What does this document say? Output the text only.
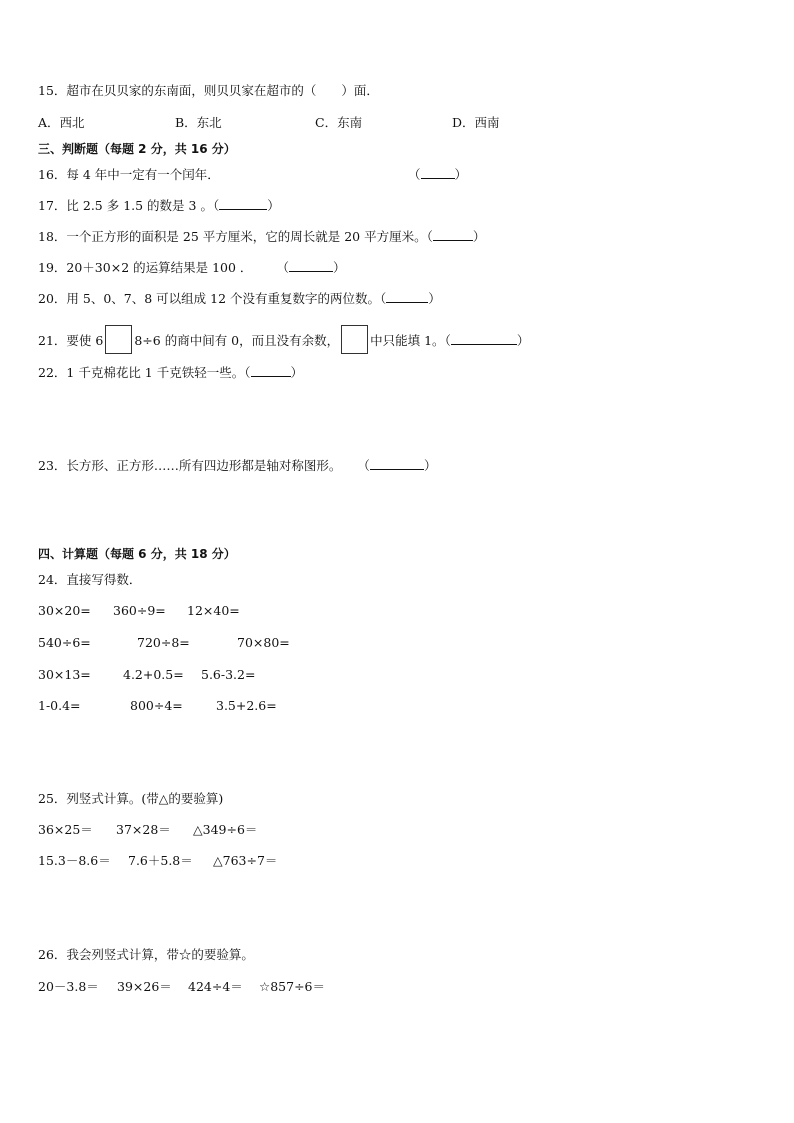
15．超市在贝贝家的东南面，则贝贝家在超市的（　　）面．
A．西北	B．东北	C．东南	D．西南
三、判断题（每题 2 分，共 16 分）
16．每 4 年中一定有一个闰年．	（	）
17．比 2.5 多 1.5 的数是 3 。（	）
18．一个正方形的面积是 25 平方厘米，它的周长就是 20 平方厘米。（	）
19．20＋30×2 的运算结果是 100 ． （	）
20．用 5、0、7、8 可以组成 12 个没有重复数字的两位数。（	）
21．要使 6 8÷6 的商中间有 0，而且没有余数， 中只能填 1。（	）
22．1 千克棉花比 1 千克铁轻一些。（	）
23．长方形、正方形……所有四边形都是轴对称图形。 （	）
四、计算题（每题 6 分，共 18 分）
24．直接写得数．
30×20= 360÷9= 12×40=
540÷6=	720÷8=	70×80=
30×13=	4.2+0.5= 5.6-3.2=
1-0.4=	800÷4=	3.5+2.6=
25．列竖式计算。(带△的要验算)
36×25＝ 37×28＝ △349÷6＝
15.3－8.6＝ 7.6＋5.8＝ △763÷7＝
26．我会列竖式计算，带☆的要验算。
20－3.8＝ 39×26＝ 424÷4＝ ☆857÷6＝
